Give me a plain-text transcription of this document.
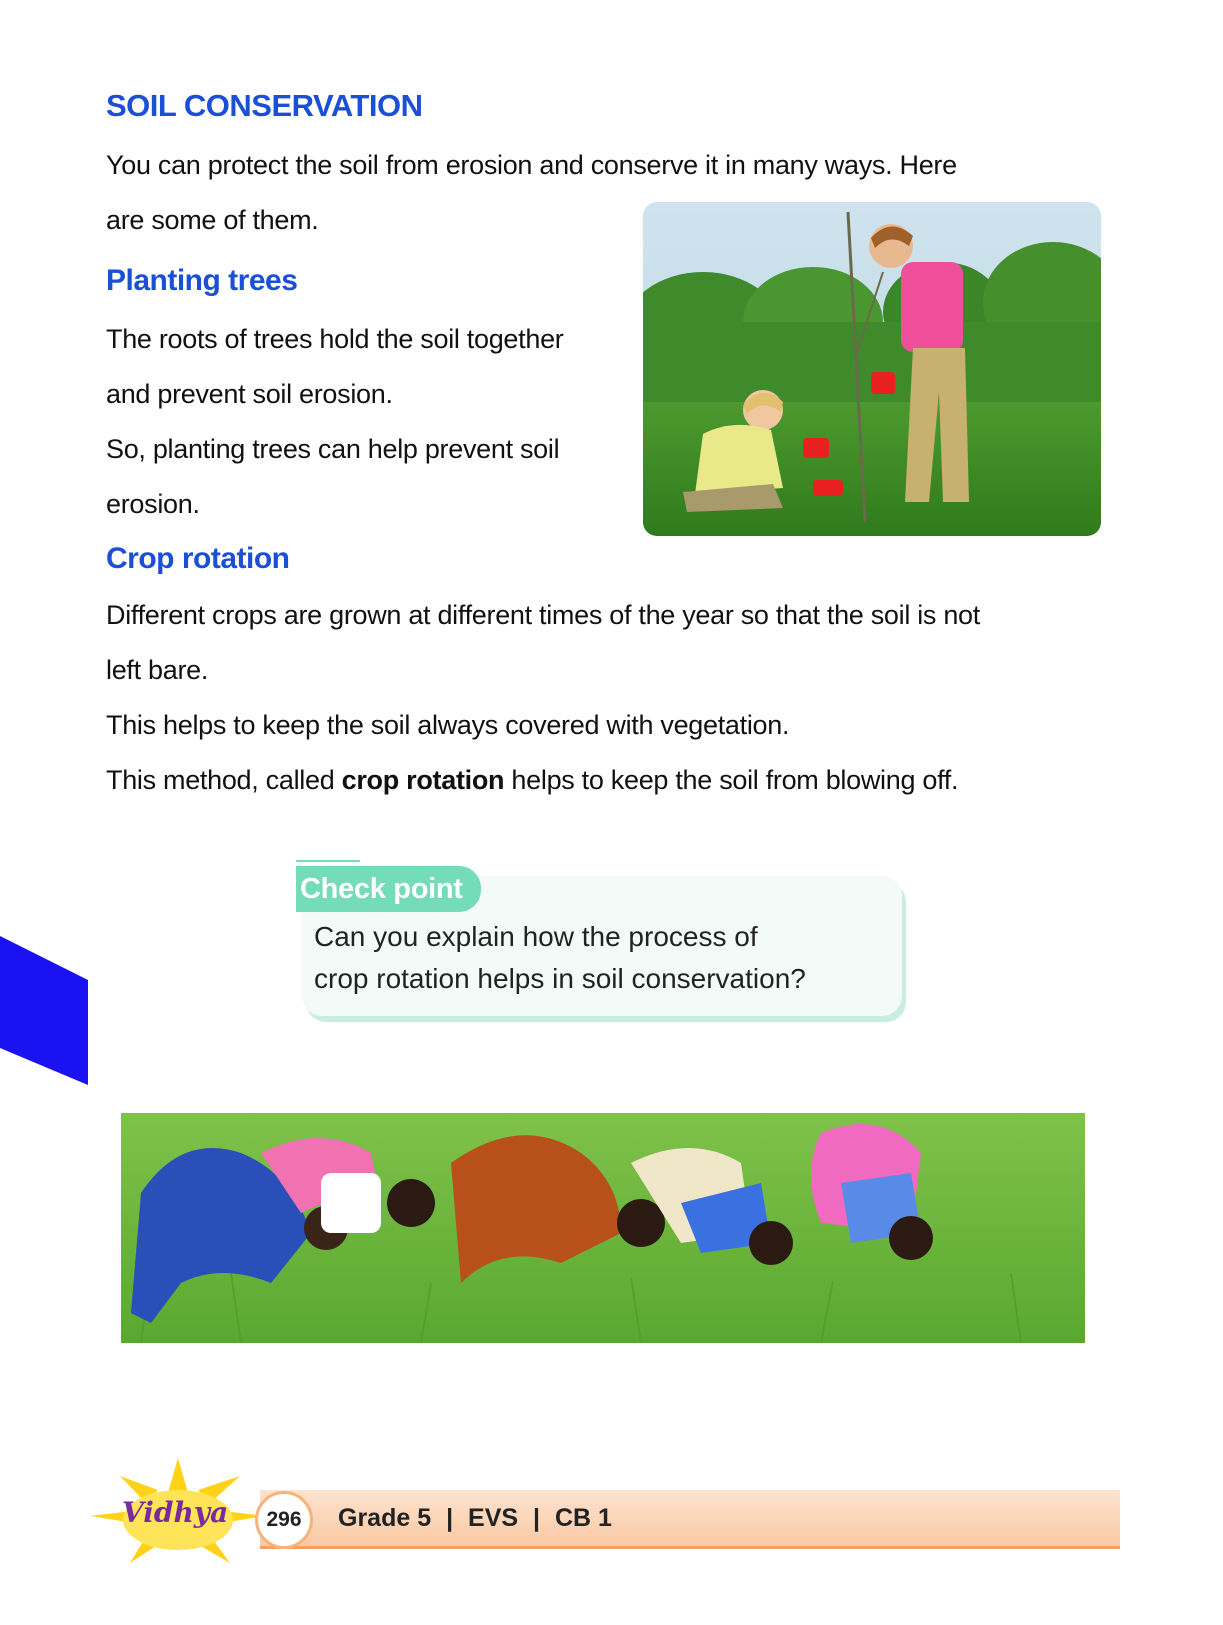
SOIL CONSERVATION

You can protect the soil from erosion and conserve it in many ways. Here

are some of them.

Planting trees

The roots of trees hold the soil together

and prevent soil erosion.

So, planting trees can help prevent soil

erosion.

Crop rotation

Different crops are grown at different times of the year so that the soil is not

left bare.

This helps to keep the soil always covered with vegetation.

This method, called crop rotation helps to keep the soil from blowing off.

Check point
Can you explain how the process of
crop rotation helps in soil conservation?
Grade 5 | EVS | CB 1
Vidhya	296
